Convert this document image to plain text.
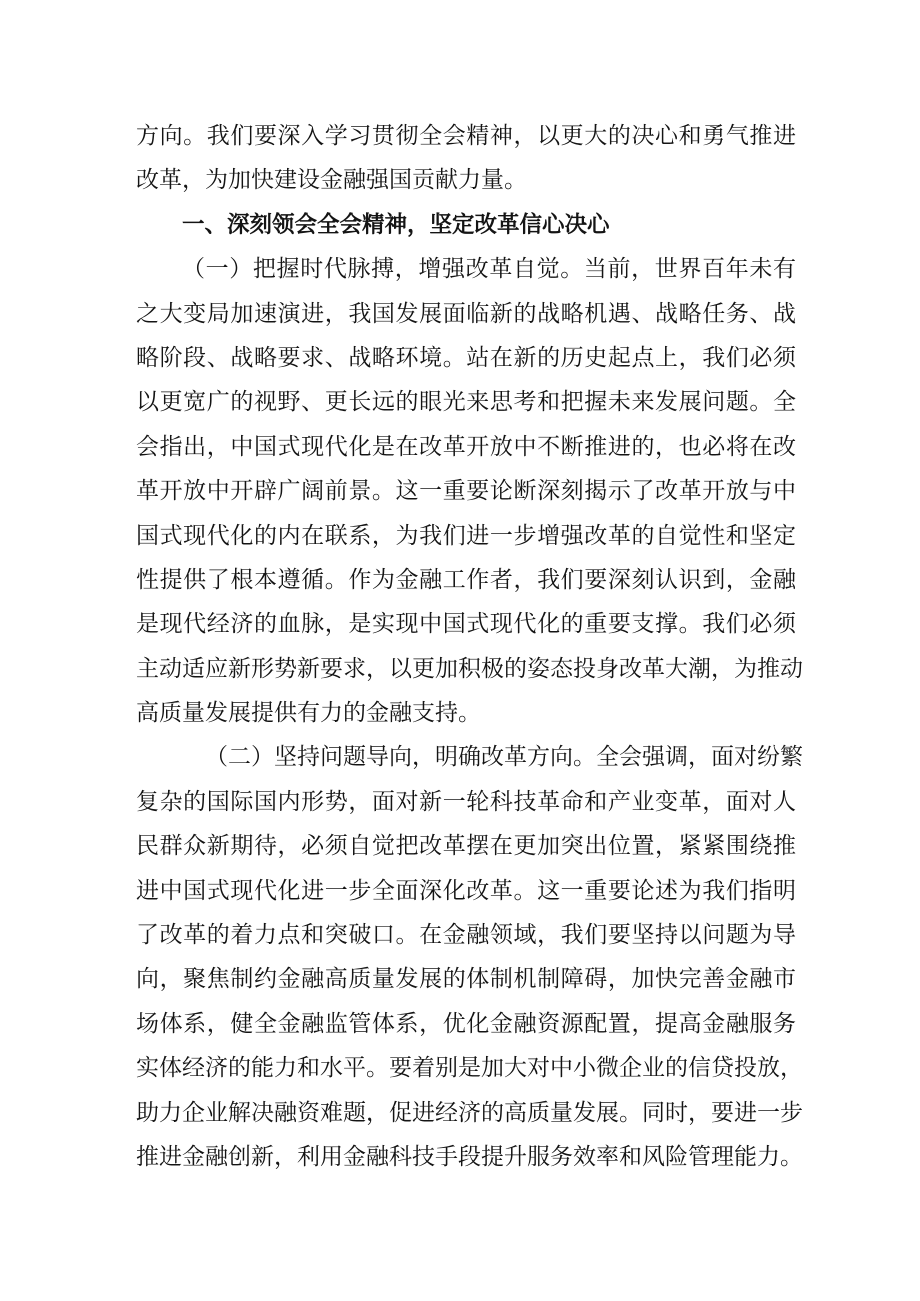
方向。我们要深入学习贯彻全会精神，以更大的决心和勇气推进
改革，为加快建设金融强国贡献力量。
一、深刻领会全会精神，坚定改革信心决心
（一）把握时代脉搏，增强改革自觉。当前，世界百年未有
之大变局加速演进，我国发展面临新的战略机遇、战略任务、战
略阶段、战略要求、战略环境。站在新的历史起点上，我们必须
以更宽广的视野、更长远的眼光来思考和把握未来发展问题。全
会指出，中国式现代化是在改革开放中不断推进的，也必将在改
革开放中开辟广阔前景。这一重要论断深刻揭示了改革开放与中
国式现代化的内在联系，为我们进一步增强改革的自觉性和坚定
性提供了根本遵循。作为金融工作者，我们要深刻认识到，金融
是现代经济的血脉，是实现中国式现代化的重要支撑。我们必须
主动适应新形势新要求，以更加积极的姿态投身改革大潮，为推动
高质量发展提供有力的金融支持。
（二）坚持问题导向，明确改革方向。全会强调，面对纷繁
复杂的国际国内形势，面对新一轮科技革命和产业变革，面对人
民群众新期待，必须自觉把改革摆在更加突出位置，紧紧围绕推
进中国式现代化进一步全面深化改革。这一重要论述为我们指明
了改革的着力点和突破口。在金融领域，我们要坚持以问题为导
向，聚焦制约金融高质量发展的体制机制障碍，加快完善金融市
场体系，健全金融监管体系，优化金融资源配置，提高金融服务
实体经济的能力和水平。要着别是加大对中小微企业的信贷投放，
助力企业解决融资难题，促进经济的高质量发展。同时，要进一步
推进金融创新，利用金融科技手段提升服务效率和风险管理能力。
